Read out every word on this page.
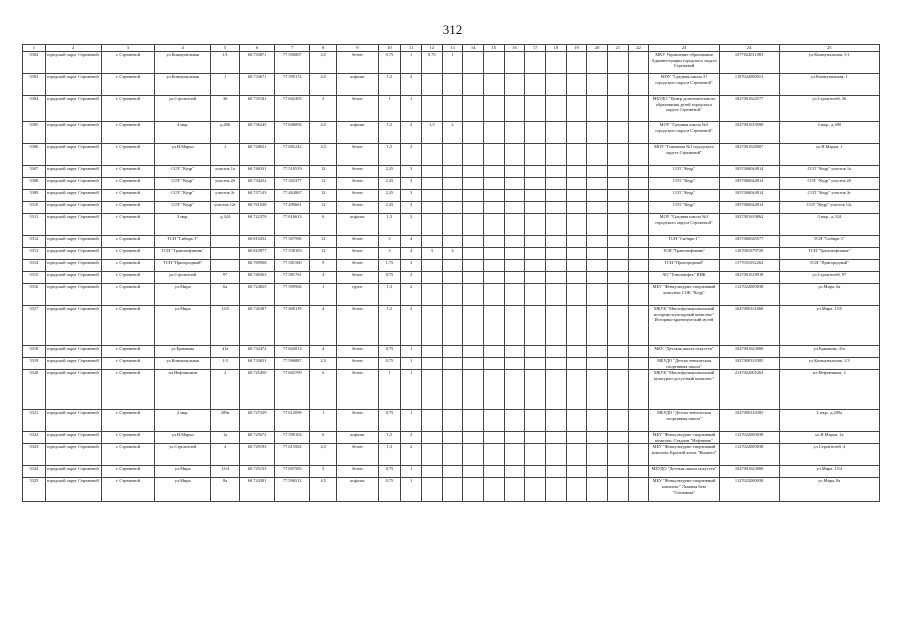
312
1	2	3	4	5	6	7	8	9	10	11	12	13	14	15	16	17	18	19	20	21	22	23	24	25
5302	городской округ Стрежевой	г. Стрежевой	ул.Коммунальная	1/1	60.733871	77.596807	4,5	бетон	0,75	1	0,75	1										МКУ Управление образования Администрации городского округа Стрежевой	1077022011083	ул.Коммунальная, 1/1
5303	городской округ Стрежевой	г. Стрежевой	ул.Коммунальная	1	60.733671	77.595174	4,5	асфальт	1,5	2												МОУ "Средняя школа 2? городского округа Стрежевой"	1107022000013	ул.Коммунальная, 1
5304	городской округ Стрежевой	г. Стрежевой	ул.Строителей	36	60.735181	77.602495	3	бетон	1	1												МБУДО "Центр дополнительного образования детей городского округа Стрежевой"	1027001622577	ул.Строителей, 36
5305	городской округ Стрежевой	г. Стрежевой	4 мкр.	д.490	60.736245	77.606094	4,5	асфальт	1,5	2	1,5	2										МОУ "Средняя школа №5 городского округа Стрежевой"	1027001619590	4 мкр., д.490
5306	городской округ Стрежевой	г. Стрежевой	ул.Н.Марьи	1	60.728631	77.601242	4,5	бетон	1,5	2												МОУ "Гимназия №1 городского округа Стрежевой"	1027001620007	ул.Н.Марьи, 1
5307	городской округ Стрежевой	г. Стрежевой	СОТ "Кедр"	участок 1а	60.746331	77.510519	12	бетон	2,25	3												СОТ "Кедр"	1057006044914	СОТ "Кедр" участок 1а
5308	городской округ Стрежевой	г. Стрежевой	СОТ "Кедр"	участок 2б	60.734252	77.502377	12	бетон	2,25	3												СОТ "Кедр"	1057006044914	СОТ "Кедр" участок 2б
5309	городской округ Стрежевой	г. Стрежевой	СОТ "Кедр"	участок 3г	60.757143	77.463867	12	бетон	2,25	3												СОТ "Кедр"	1057006044914	СОТ "Кедр" участок 3г
5310	городской округ Стрежевой	г. Стрежевой	СОТ "Кедр"	участок 12г	60.761038	77.499601	12	бетон	2,25	3												СОТ "Кедр"	1057006044914	СОТ "Кедр" участок 12г
5311	городской округ Стрежевой	г. Стрежевой	3 мкр.	д.324	60.722379	77.616613	6	асфальт	1,5	2												МОУ "Средняя школа №3 городского округа Стрежевой"	1027001619862	3 мкр., д.324
5312	городской округ Стрежевой	г. Стрежевой	ТСН "Сибирь-1"		60.810252	77.507596	12	бетон	3	4												ТСН "Сибирь-1"	1057006045577	ТСН "Сибирь-1"
5313	городской округ Стрежевой	г. Стрежевой	ТСН "Транснефтяник"		60.810077	77.558103	12	бетон	3	4	3	4										ТСН "Транснефтяник"	1167001079720	ТСН "Транснефтяник"
5314	городской округ Стрежевой	г. Стрежевой	ТСН "Пригородный"		60.769908	77.581560	9	бетон	1,75	3												ТСН "Пригородный"	1177031052262	ТСН "Пригородный"
5315	городской округ Стрежевой	г. Стрежевой	ул.Строителей	97	60.746563	77.581761	4	бетон	0,75	2												АО "Томскнефть" ВНК	1027001618918	ул.Строителей, 97
5316	городской округ Стрежевой	г. Стрежевой	ул.Мира	6а	60.724825	77.599566	1	грунт	1,5	2												МБУ "Физкультурно-спортивный комплекс СОК "Кедр"	1127022000038	ул.Мира, 6а
5317	городской округ Стрежевой	г. Стрежевой	ул.Мира	13/5	60.726387	77.609119	4	бетон	1,5	2												МБУК "Многофункциональный историко-культурный комплекс" Историко-краеведческий музей	1047000331068	ул.Мира, 13/5
5318	городской округ Стрежевой	г. Стрежевой	ул.Ермакова	41а	60.732472	77.602813	4	бетон	0,75	1												МБУ "Детская школа искусств"	1027001623000	ул.Ермакова, 41а
5319	городской округ Стрежевой	г. Стрежевой	ул.Коммунальная	1/3	60.733651	77.596887	2,5	бетон	0,75	1												МБУДО "Детско-юношеская спортивная школа"	1027000310385	ул.Коммунальная, 1/3
5320	городской округ Стрежевой	г. Стрежевой	пл.Нефтяников	2	60.725450	77.602709	6	бетон	1	1												МБУК "Многофункциональный культурно-досуговый комплекс"	2147022005263	пл.Нефтяников, 2
5321	городской округ Стрежевой	г. Стрежевой	2 мкр.	209а	60.727529	77.612099	1	бетон	0,75	1												МБУДО "Детско-юношеская спортивная школа"	1027000310385	2 мкр., д.209а
5322	городской округ Стрежевой	г. Стрежевой	ул.Н.Марьи	1а	60.725672	77.599102	6	асфальт	1,5	2												МБУ "Физкультурно-спортивный комплекс Стадион "Нефтяник"	1127022000038	ул.Н.Марьи, 1а
5323	городской округ Стрежевой	г. Стрежевой	ул.Строителей	4	60.729193	77.615582	4,5	бетон	1,5	2												МБУ "Физкультурно-спортивный комплекс Крытый каток "Вымпел"	1127022000038	ул.Строителей, 4
5324	городской округ Стрежевой	г. Стрежевой	ул.Мира	13/4	60.725153	77.607583	5	бетон	0,75	1												МБУДО "Детская школа искусств"	1027001623000	ул.Мира, 13/4
5325	городской округ Стрежевой	г. Стрежевой	ул.Мира	8а	60.724381	77.596512	4,5	асфальт	0,75	1												МБУ "Физкультурно-спортивный комплекс" Лыжная база "Снежинка"	1127022000038	ул.Мира, 8а
